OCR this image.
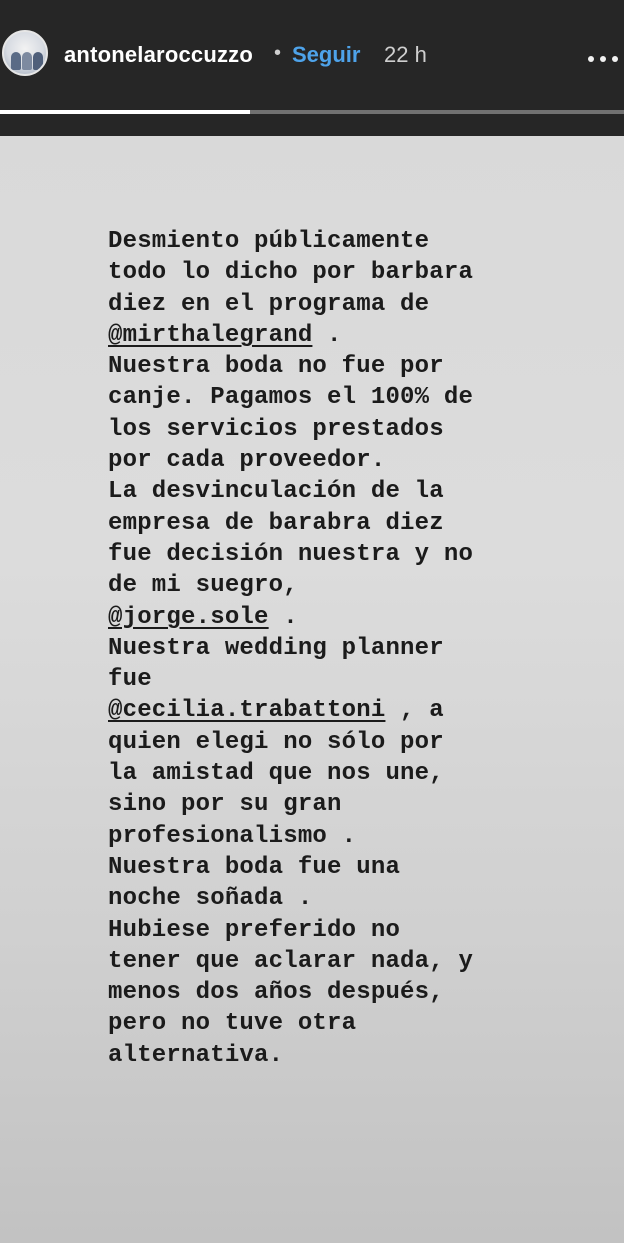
antonelaroccuzzo • Seguir 22 h
Desmiento públicamente
todo lo dicho por barbara
diez en el programa de
@mirthalegrand .
Nuestra boda no fue por
canje. Pagamos el 100% de
los servicios prestados
por cada proveedor.
La desvinculación de la
empresa de barabra diez
fue decisión nuestra y no
de mi suegro,
@jorge.sole .
Nuestra wedding planner
fue
@cecilia.trabattoni , a
quien elegi no sólo por
la amistad que nos une,
sino por su gran
profesionalismo .
Nuestra boda fue una
noche soñada .
Hubiese preferido no
tener que aclarar nada, y
menos dos años después,
pero no tuve otra
alternativa.
